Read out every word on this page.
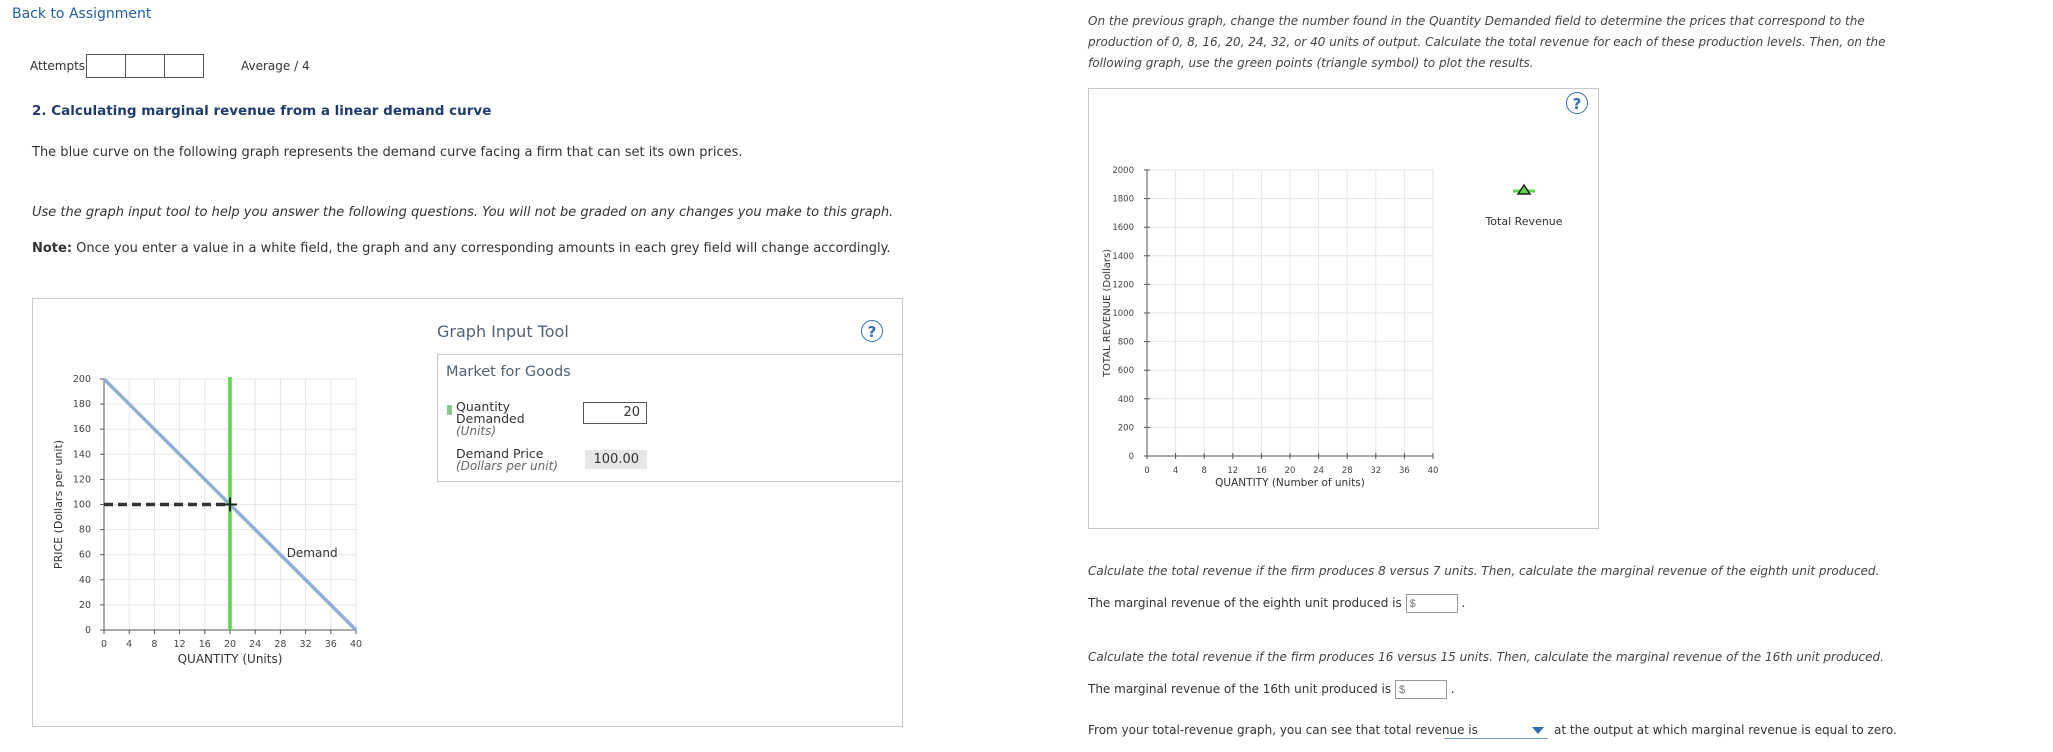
Back to Assignment
Attempts	Average / 4
2. Calculating marginal revenue from a linear demand curve
The blue curve on the following graph represents the demand curve facing a firm that can set its own prices.
Use the graph input tool to help you answer the following questions. You will not be graded on any changes you make to this graph.
Note: Once you enter a value in a white field, the graph and any corresponding amounts in each grey field will change accordingly.
0 4 8 12 16 20 24 28 32 36 40
0
20
40
60
80
100
120
140
160
180
200
Demand
QUANTITY (Units)
PRICE (Dollars per unit)
Graph Input Tool	?
Market for Goods
Quantity
Demanded
(Units)
20
Demand Price
(Dollars per unit)	100.00
On the previous graph, change the number found in the Quantity Demanded field to determine the prices that correspond to the production of 0, 8, 16, 20, 24, 32, or 40 units of output. Calculate the total revenue for each of these production levels. Then, on the following graph, use the green points (triangle symbol) to plot the results.
?
0	4	8 12 16 20 24 28 32 36 40
0
200
400
600
800
1000
1200
1400
1600
1800
2000
QUANTITY (Number of units)
TOTAL REVENUE (Dollars)
Total Revenue
Calculate the total revenue if the firm produces 8 versus 7 units. Then, calculate the marginal revenue of the eighth unit produced.
The marginal revenue of the eighth unit produced is $	.
Calculate the total revenue if the firm produces 16 versus 15 units. Then, calculate the marginal revenue of the 16th unit produced.
The marginal revenue of the 16th unit produced is $	.
From your total-revenue graph, you can see that total revenue is	at the output at which marginal revenue is equal to zero.
